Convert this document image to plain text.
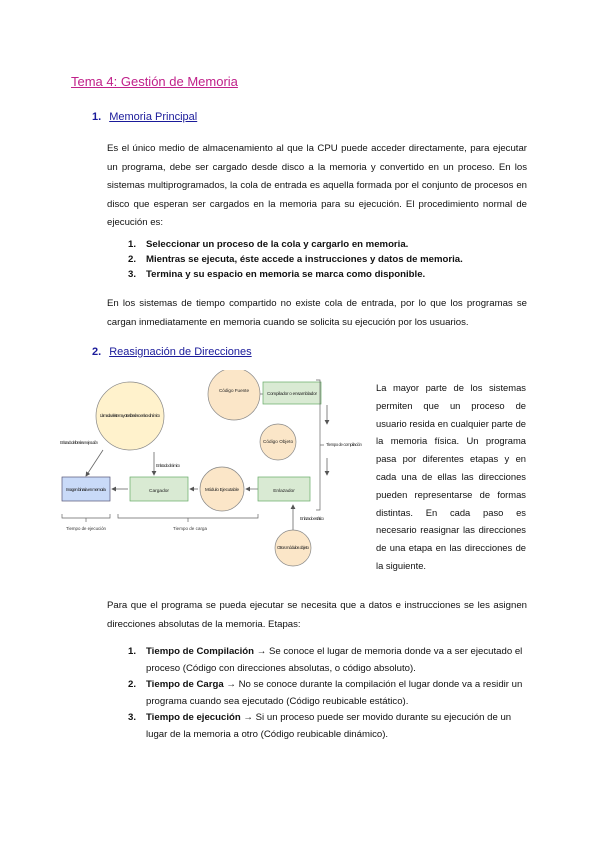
Tema 4: Gestión de Memoria
1. Memoria Principal
Es el único medio de almacenamiento al que la CPU puede acceder directamente, para ejecutar un programa, debe ser cargado desde disco a la memoria y convertido en un proceso. En los sistemas multiprogramados, la cola de entrada es aquella formada por el conjunto de procesos en disco que esperan ser cargados en la memoria para su ejecución. El procedimiento normal de ejecución es:
1. Seleccionar un proceso de la cola y cargarlo en memoria.
2. Mientras se ejecuta, éste accede a instrucciones y datos de memoria.
3. Termina y su espacio en memoria se marca como disponible.
En los sistemas de tiempo compartido no existe cola de entrada, por lo que los programas se cargan inmediatamente en memoria cuando se solicita su ejecución por los usuarios.
2. Reasignación de Direcciones
Código Fuente
Compilador o ensamblador
Código Objeto
Enlazador
Otros módulos objeto
Enlazado estático
Módulo Ejecutable
Cargador
Imagen binaria en memoria
Llamada al sistema y otras librerías o enlace dinámico
Enlazado dinámico
Enlazado de librerías en ejecución	Tiempo de compilación
Tiempo de ejecución	Tiempo de carga
La mayor parte de los sistemas permiten que un proceso de usuario resida en cualquier parte de la memoria física. Un programa pasa por diferentes etapas y en cada una de ellas las direcciones pueden representarse de formas distintas. En cada paso es necesario reasignar las direcciones de una etapa en las direcciones de la siguiente.
Para que el programa se pueda ejecutar se necesita que a datos e instrucciones se les asignen direcciones absolutas de la memoria. Etapas:
1. Tiempo de Compilación → Se conoce el lugar de memoria donde va a ser ejecutado el proceso (Código con direcciones absolutas, o código absoluto).
2. Tiempo de Carga → No se conoce durante la compilación el lugar donde va a residir un programa cuando sea ejecutado (Código reubicable estático).
3. Tiempo de ejecución → Si un proceso puede ser movido durante su ejecución de un lugar de la memoria a otro (Código reubicable dinámico).
